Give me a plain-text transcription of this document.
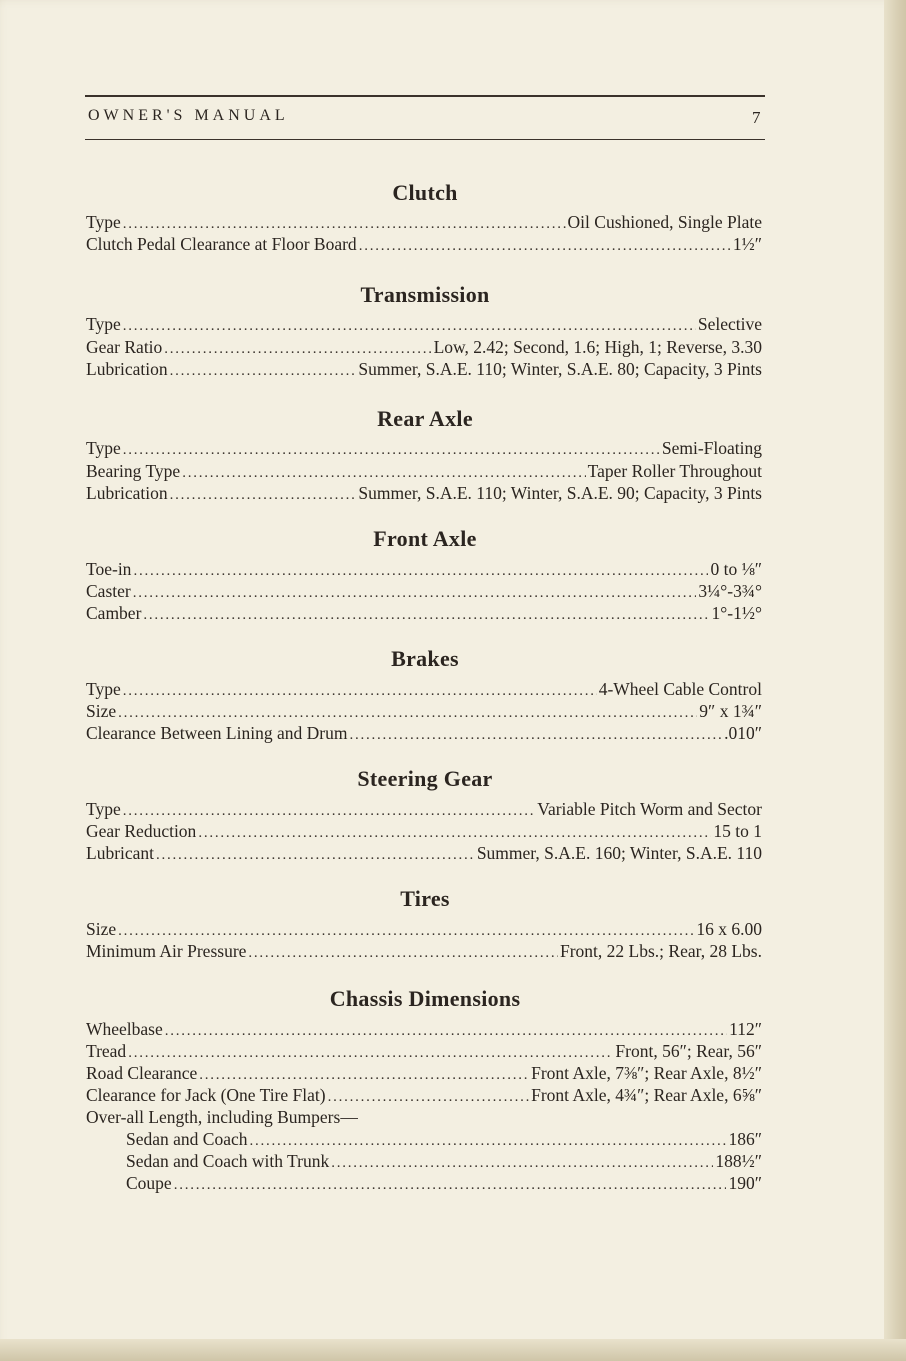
OWNER'S MANUAL	7
Clutch
Type . . .	Oil Cushioned, Single Plate
Clutch Pedal Clearance at Floor Board . . .	1½″
Transmission
Type . . .	Selective
Gear Ratio . . .	Low, 2.42; Second, 1.6; High, 1; Reverse, 3.30
Lubrication . . .	Summer, S.A.E. 110; Winter, S.A.E. 80; Capacity, 3 Pints
Rear Axle
Type . . .	Semi-Floating
Bearing Type . . .	Taper Roller Throughout
Lubrication . . .	Summer, S.A.E. 110; Winter, S.A.E. 90; Capacity, 3 Pints
Front Axle
Toe-in . . .	0 to ⅛″
Caster . . .	3¼°-3¾°
Camber . . .	1°-1½°
Brakes
Type . . .	4-Wheel Cable Control
Size . . .	9″ x 1¾″
Clearance Between Lining and Drum . . .	.010″
Steering Gear
Type . . .	Variable Pitch Worm and Sector
Gear Reduction . . .	15 to 1
Lubricant . . .	Summer, S.A.E. 160; Winter, S.A.E. 110
Tires
Size . . .	16 x 6.00
Minimum Air Pressure . . .	Front, 22 Lbs.; Rear, 28 Lbs.
Chassis Dimensions
Wheelbase . . .	112″
Tread . . .	Front, 56″; Rear, 56″
Road Clearance . . .	Front Axle, 7⅜″; Rear Axle, 8½″
Clearance for Jack (One Tire Flat) . . .	Front Axle, 4¾″; Rear Axle, 6⅝″
Over-all Length, including Bumpers—
Sedan and Coach . . .	186″
Sedan and Coach with Trunk . . .	188½″
Coupe . . .	190″
